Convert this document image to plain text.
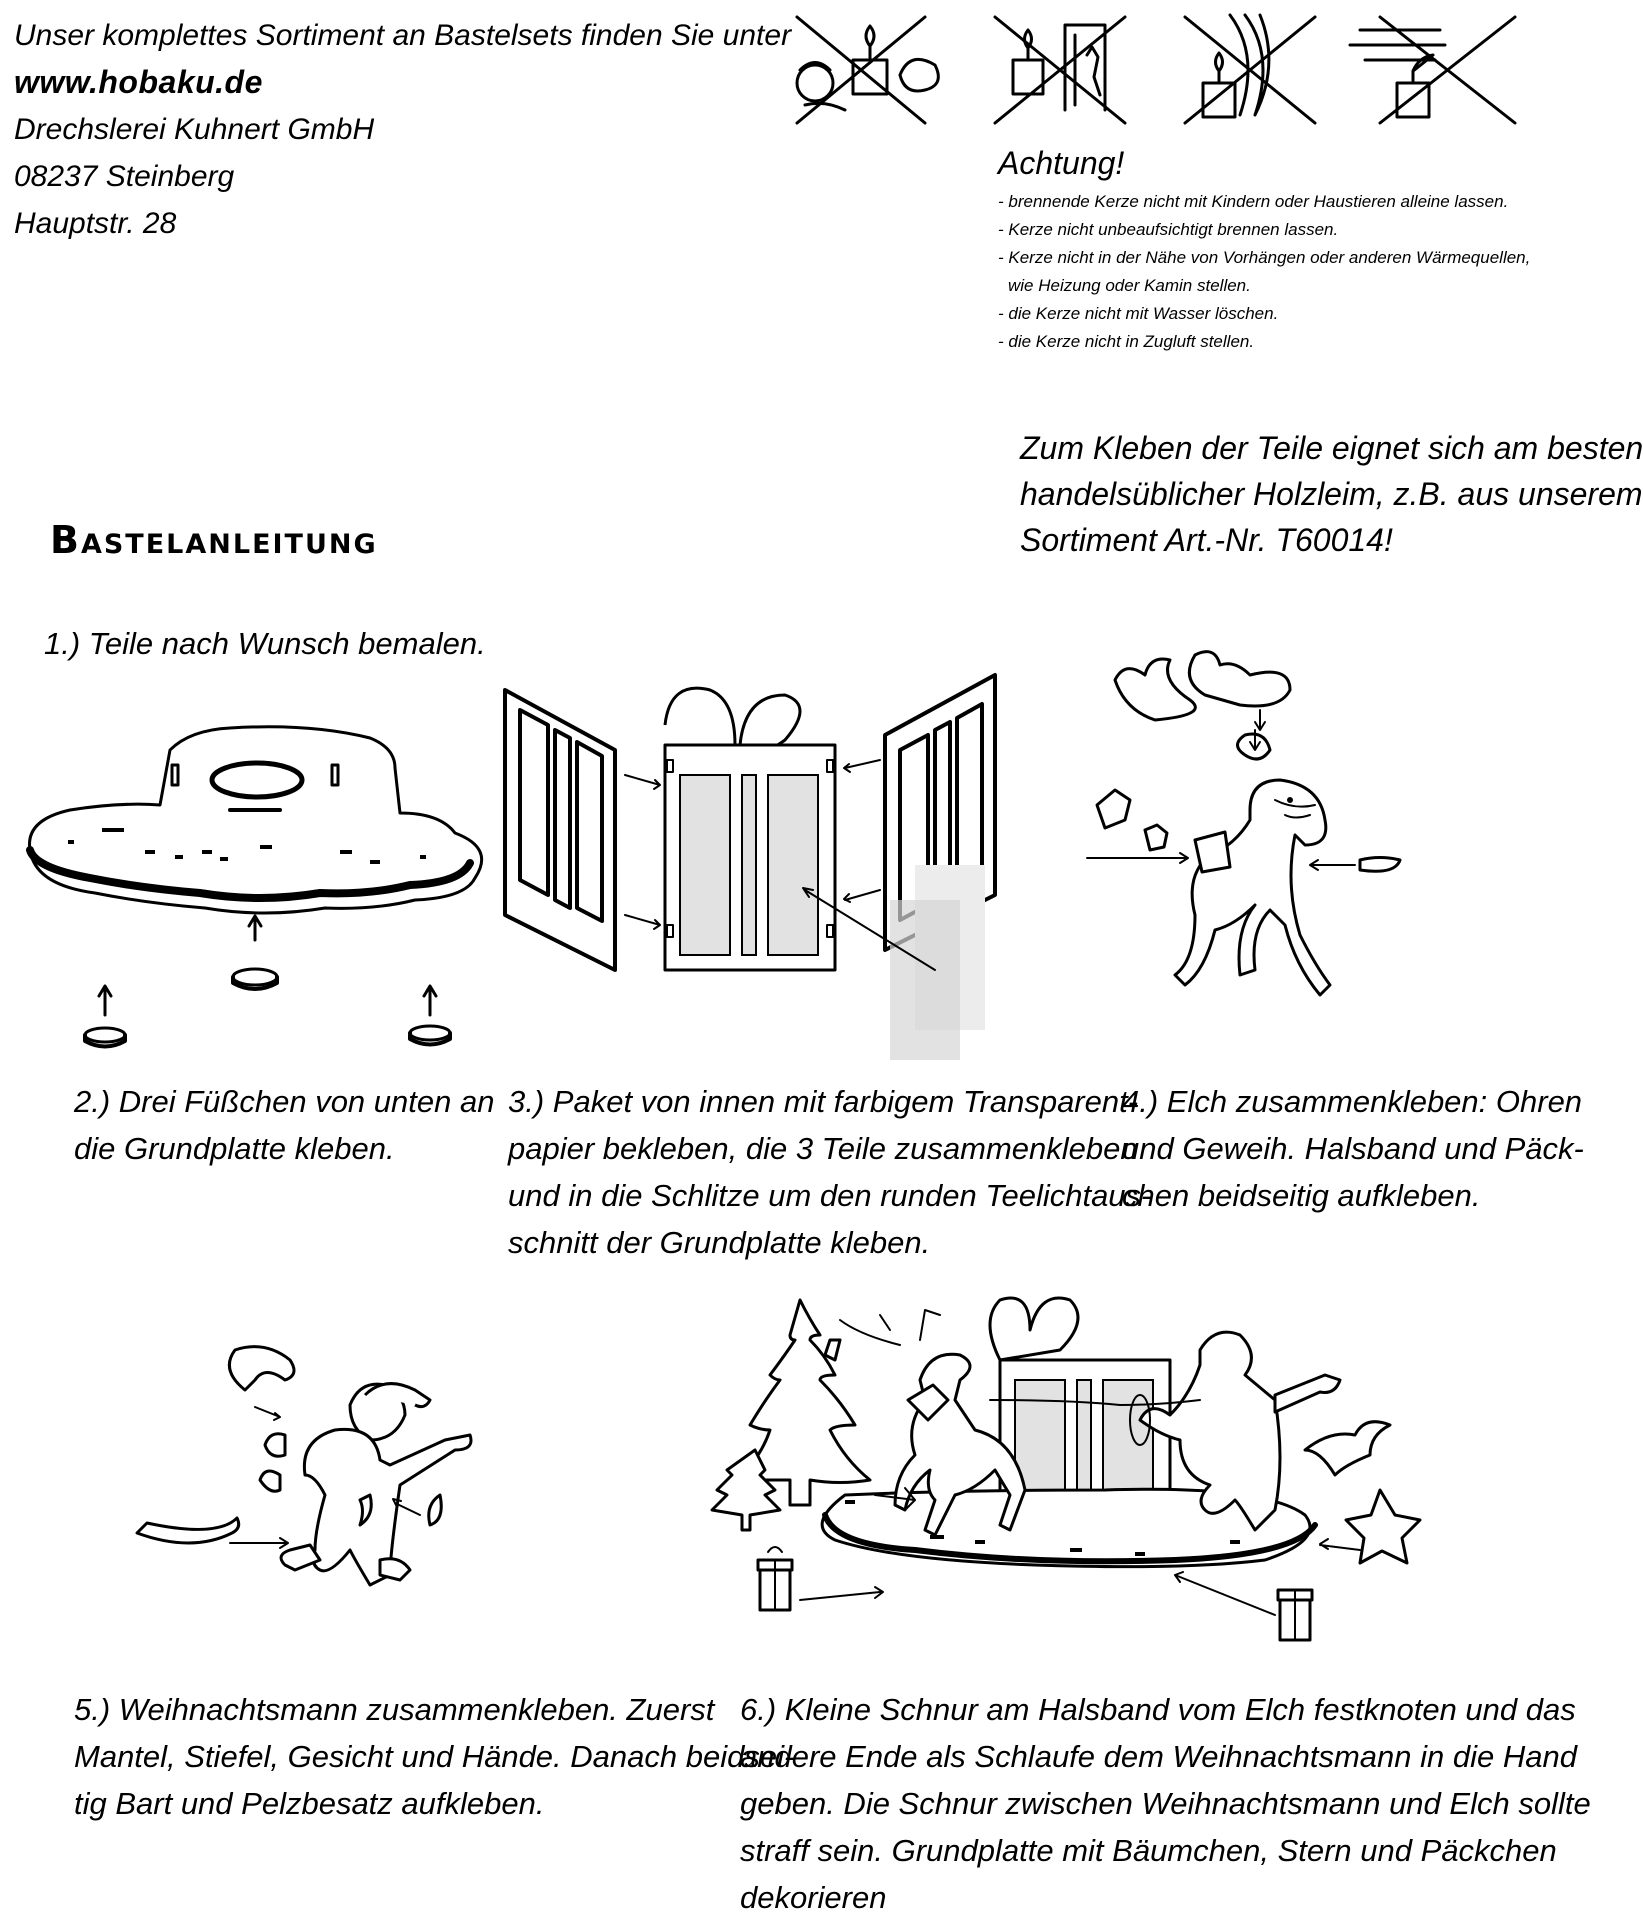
Unser komplettes Sortiment an Bastelsets finden Sie unter
www.hobaku.de
Drechslerei Kuhnert GmbH
08237 Steinberg
Hauptstr. 28
Achtung!
- brennende Kerze nicht mit Kindern oder Haustieren alleine lassen.
- Kerze nicht unbeaufsichtigt brennen lassen.
- Kerze nicht in der Nähe von Vorhängen oder anderen Wärmequellen,
wie Heizung oder Kamin stellen.
- die Kerze nicht mit Wasser löschen.
- die Kerze nicht in Zugluft stellen.
Zum Kleben der Teile eignet sich am besten
handelsüblicher Holzleim, z.B. aus unserem
Sortiment Art.-Nr. T60014!
Bastelanleitung
1.) Teile nach Wunsch bemalen.
2.) Drei Füßchen von unten an
die Grundplatte kleben.
3.) Paket von innen mit farbigem Transparent-
papier bekleben, die 3 Teile zusammenkleben
und in die Schlitze um den runden Teelichtaus-
schnitt der Grundplatte kleben.
4.) Elch zusammenkleben: Ohren
und Geweih. Halsband und Päck-
chen beidseitig aufkleben.
5.) Weihnachtsmann zusammenkleben. Zuerst
Mantel, Stiefel, Gesicht und Hände. Danach beidsei-
tig Bart und Pelzbesatz aufkleben.
6.) Kleine Schnur am Halsband vom Elch festknoten und das
andere Ende als Schlaufe dem Weihnachtsmann in die Hand
geben. Die Schnur zwischen Weihnachtsmann und Elch sollte
straff sein. Grundplatte mit Bäumchen, Stern und Päckchen
dekorieren
